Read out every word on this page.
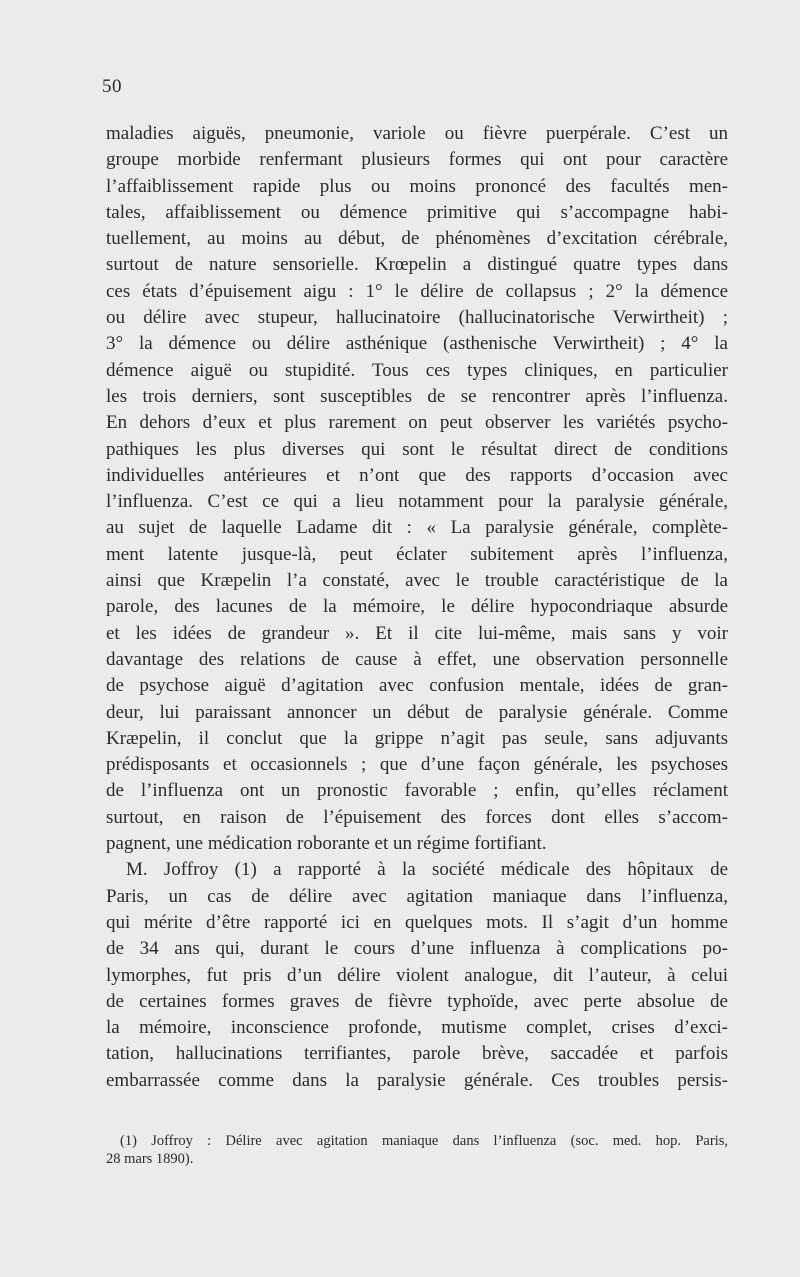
50
maladies aiguës, pneumonie, variole ou fièvre puerpérale. C’est un
groupe morbide renfermant plusieurs formes qui ont pour caractère
l’affaiblissement rapide plus ou moins prononcé des facultés men-
tales, affaiblissement ou démence primitive qui s’accompagne habi-
tuellement, au moins au début, de phénomènes d’excitation cérébrale,
surtout de nature sensorielle. Krœpelin a distingué quatre types dans
ces états d’épuisement aigu : 1° le délire de collapsus ; 2° la démence
ou délire avec stupeur, hallucinatoire (hallucinatorische Verwirtheit) ;
3° la démence ou délire asthénique (asthenische Verwirtheit) ; 4° la
démence aiguë ou stupidité. Tous ces types cliniques, en particulier
les trois derniers, sont susceptibles de se rencontrer après l’influenza.
En dehors d’eux et plus rarement on peut observer les variétés psycho-
pathiques les plus diverses qui sont le résultat direct de conditions
individuelles antérieures et n’ont que des rapports d’occasion avec
l’influenza. C’est ce qui a lieu notamment pour la paralysie générale,
au sujet de laquelle Ladame dit : « La paralysie générale, complète-
ment latente jusque-là, peut éclater subitement après l’influenza,
ainsi que Kræpelin l’a constaté, avec le trouble caractéristique de la
parole, des lacunes de la mémoire, le délire hypocondriaque absurde
et les idées de grandeur ». Et il cite lui-même, mais sans y voir
davantage des relations de cause à effet, une observation personnelle
de psychose aiguë d’agitation avec confusion mentale, idées de gran-
deur, lui paraissant annoncer un début de paralysie générale. Comme
Kræpelin, il conclut que la grippe n’agit pas seule, sans adjuvants
prédisposants et occasionnels ; que d’une façon générale, les psychoses
de l’influenza ont un pronostic favorable ; enfin, qu’elles réclament
surtout, en raison de l’épuisement des forces dont elles s’accom-
pagnent, une médication roborante et un régime fortifiant.
M. Joffroy (1) a rapporté à la société médicale des hôpitaux de
Paris, un cas de délire avec agitation maniaque dans l’influenza,
qui mérite d’être rapporté ici en quelques mots. Il s’agit d’un homme
de 34 ans qui, durant le cours d’une influenza à complications po-
lymorphes, fut pris d’un délire violent analogue, dit l’auteur, à celui
de certaines formes graves de fièvre typhoïde, avec perte absolue de
la mémoire, inconscience profonde, mutisme complet, crises d’exci-
tation, hallucinations terrifiantes, parole brève, saccadée et parfois
embarrassée comme dans la paralysie générale. Ces troubles persis-
(1) Joffroy : Délire avec agitation maniaque dans l’influenza (soc. med. hop. Paris,
28 mars 1890).
